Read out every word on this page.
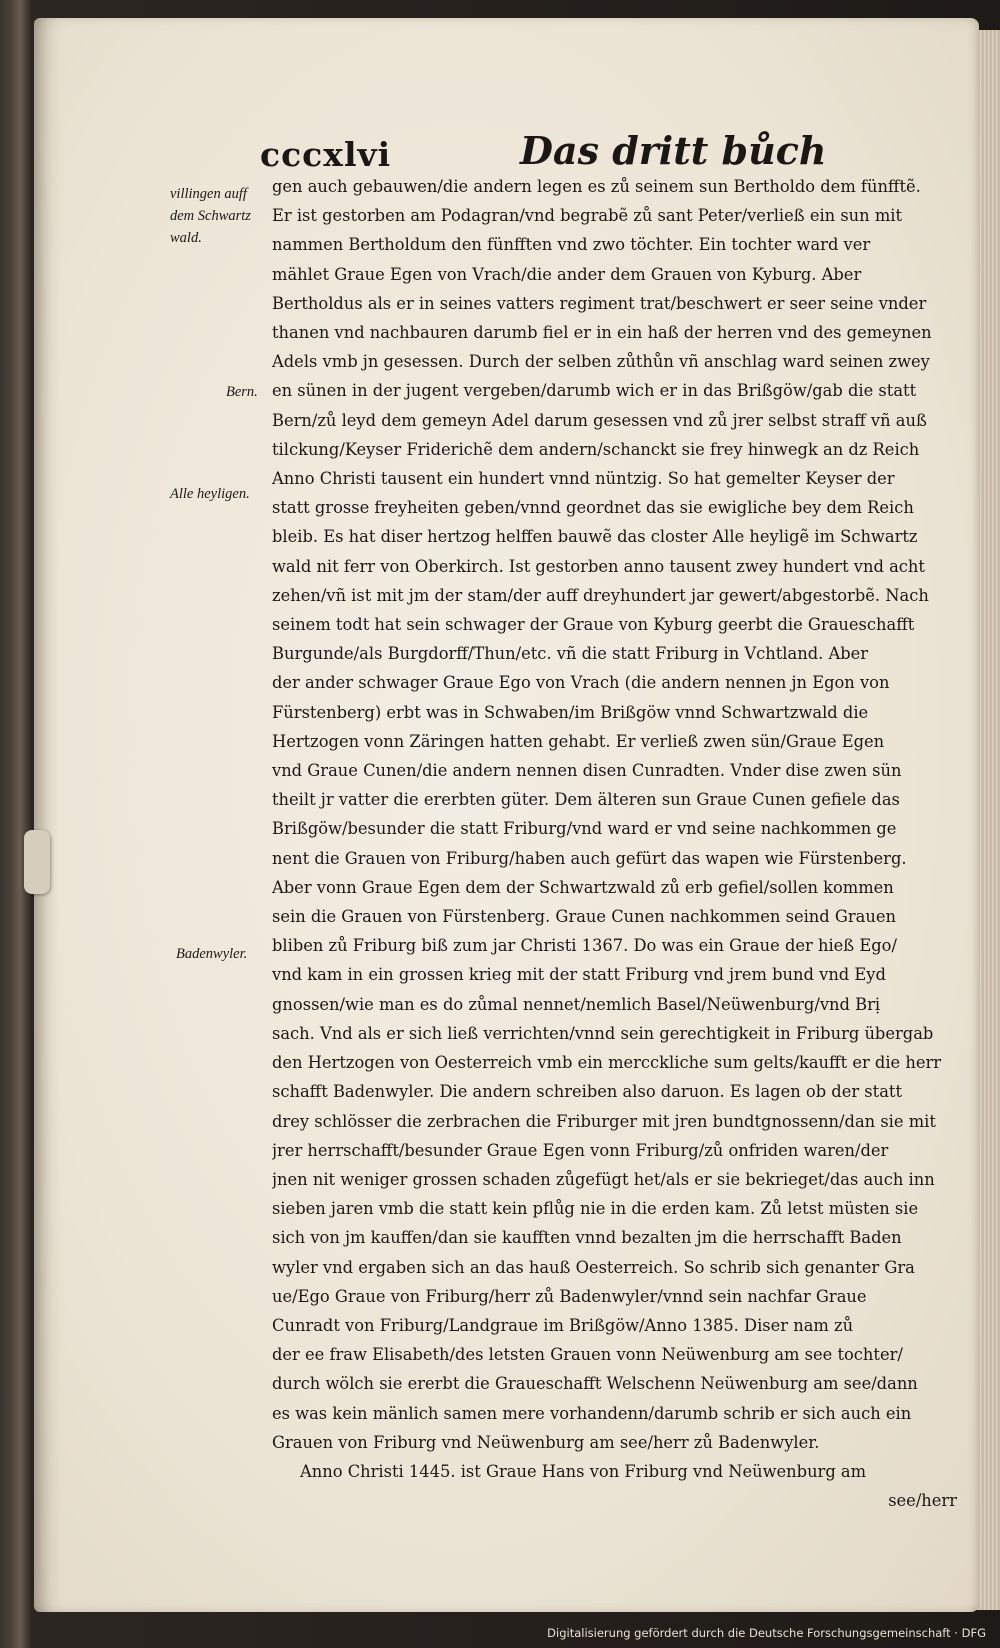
cccxlvi	Das dritt bůch
villingen auff
dem Schwartz
wald.
Bern.
Alle heyligen.
Badenwyler.
gen auch gebauwen/die andern legen es zů seinem sun Bertholdo dem fünfftẽ.
Er ist gestorben am Podagran/vnd begrabẽ zů sant Peter/verließ ein sun mit
nammen Bertholdum den fünfften vnd zwo töchter. Ein tochter ward ver
mählet Graue Egen von Vrach/die ander dem Grauen von Kyburg. Aber
Bertholdus als er in seines vatters regiment trat/beschwert er seer seine vnder
thanen vnd nachbauren darumb fiel er in ein haß der herren vnd des gemeynen
Adels vmb jn gesessen. Durch der selben zůthůn vñ anschlag ward seinen zwey
en sünen in der jugent vergeben/darumb wich er in das Brißgöw/gab die statt
Bern/zů leyd dem gemeyn Adel darum gesessen vnd zů jrer selbst straff vñ auß
tilckung/Keyser Friderichẽ dem andern/schanckt sie frey hinwegk an dz Reich
Anno Christi tausent ein hundert vnnd nüntzig. So hat gemelter Keyser der
statt grosse freyheiten geben/vnnd geordnet das sie ewigliche bey dem Reich
bleib. Es hat diser hertzog helffen bauwẽ das closter Alle heyligẽ im Schwartz
wald nit ferr von Oberkirch. Ist gestorben anno tausent zwey hundert vnd acht
zehen/vñ ist mit jm der stam/der auff dreyhundert jar gewert/abgestorbẽ. Nach
seinem todt hat sein schwager der Graue von Kyburg geerbt die Graueschafft
Burgunde/als Burgdorff/Thun/etc. vñ die statt Friburg in Vchtland. Aber
der ander schwager Graue Ego von Vrach (die andern nennen jn Egon von
Fürstenberg) erbt was in Schwaben/im Brißgöw vnnd Schwartzwald die
Hertzogen vonn Zäringen hatten gehabt. Er verließ zwen sün/Graue Egen
vnd Graue Cunen/die andern nennen disen Cunradten. Vnder dise zwen sün
theilt jr vatter die ererbten güter. Dem älteren sun Graue Cunen gefiele das
Brißgöw/besunder die statt Friburg/vnd ward er vnd seine nachkommen ge
nent die Grauen von Friburg/haben auch gefürt das wapen wie Fürstenberg.
Aber vonn Graue Egen dem der Schwartzwald zů erb gefiel/sollen kommen
sein die Grauen von Fürstenberg. Graue Cunen nachkommen seind Grauen
bliben zů Friburg biß zum jar Christi 1367. Do was ein Graue der hieß Ego/
vnd kam in ein grossen krieg mit der statt Friburg vnd jrem bund vnd Eyd
gnossen/wie man es do zůmal nennet/nemlich Basel/Neüwenburg/vnd Brị
sach. Vnd als er sich ließ verrichten/vnnd sein gerechtigkeit in Friburg übergab
den Hertzogen von Oesterreich vmb ein mercckliche sum gelts/kaufft er die herr
schafft Badenwyler. Die andern schreiben also daruon. Es lagen ob der statt
drey schlösser die zerbrachen die Friburger mit jren bundtgnossenn/dan sie mit
jrer herrschafft/besunder Graue Egen vonn Friburg/zů onfriden waren/der
jnen nit weniger grossen schaden zůgefügt het/als er sie bekrieget/das auch inn
sieben jaren vmb die statt kein pflůg nie in die erden kam. Zů letst müsten sie
sich von jm kauffen/dan sie kaufften vnnd bezalten jm die herrschafft Baden
wyler vnd ergaben sich an das hauß Oesterreich. So schrib sich genanter Gra
ue/Ego Graue von Friburg/herr zů Badenwyler/vnnd sein nachfar Graue
Cunradt von Friburg/Landgraue im Brißgöw/Anno 1385. Diser nam zů
der ee fraw Elisabeth/des letsten Grauen vonn Neüwenburg am see tochter/
durch wölch sie ererbt die Graueschafft Welschenn Neüwenburg am see/dann
es was kein mänlich samen mere vorhandenn/darumb schrib er sich auch ein
Grauen von Friburg vnd Neüwenburg am see/herr zů Badenwyler.
Anno Christi 1445. ist Graue Hans von Friburg vnd Neüwenburg am
see/herr
Digitalisierung gefördert durch die Deutsche Forschungsgemeinschaft · DFG
